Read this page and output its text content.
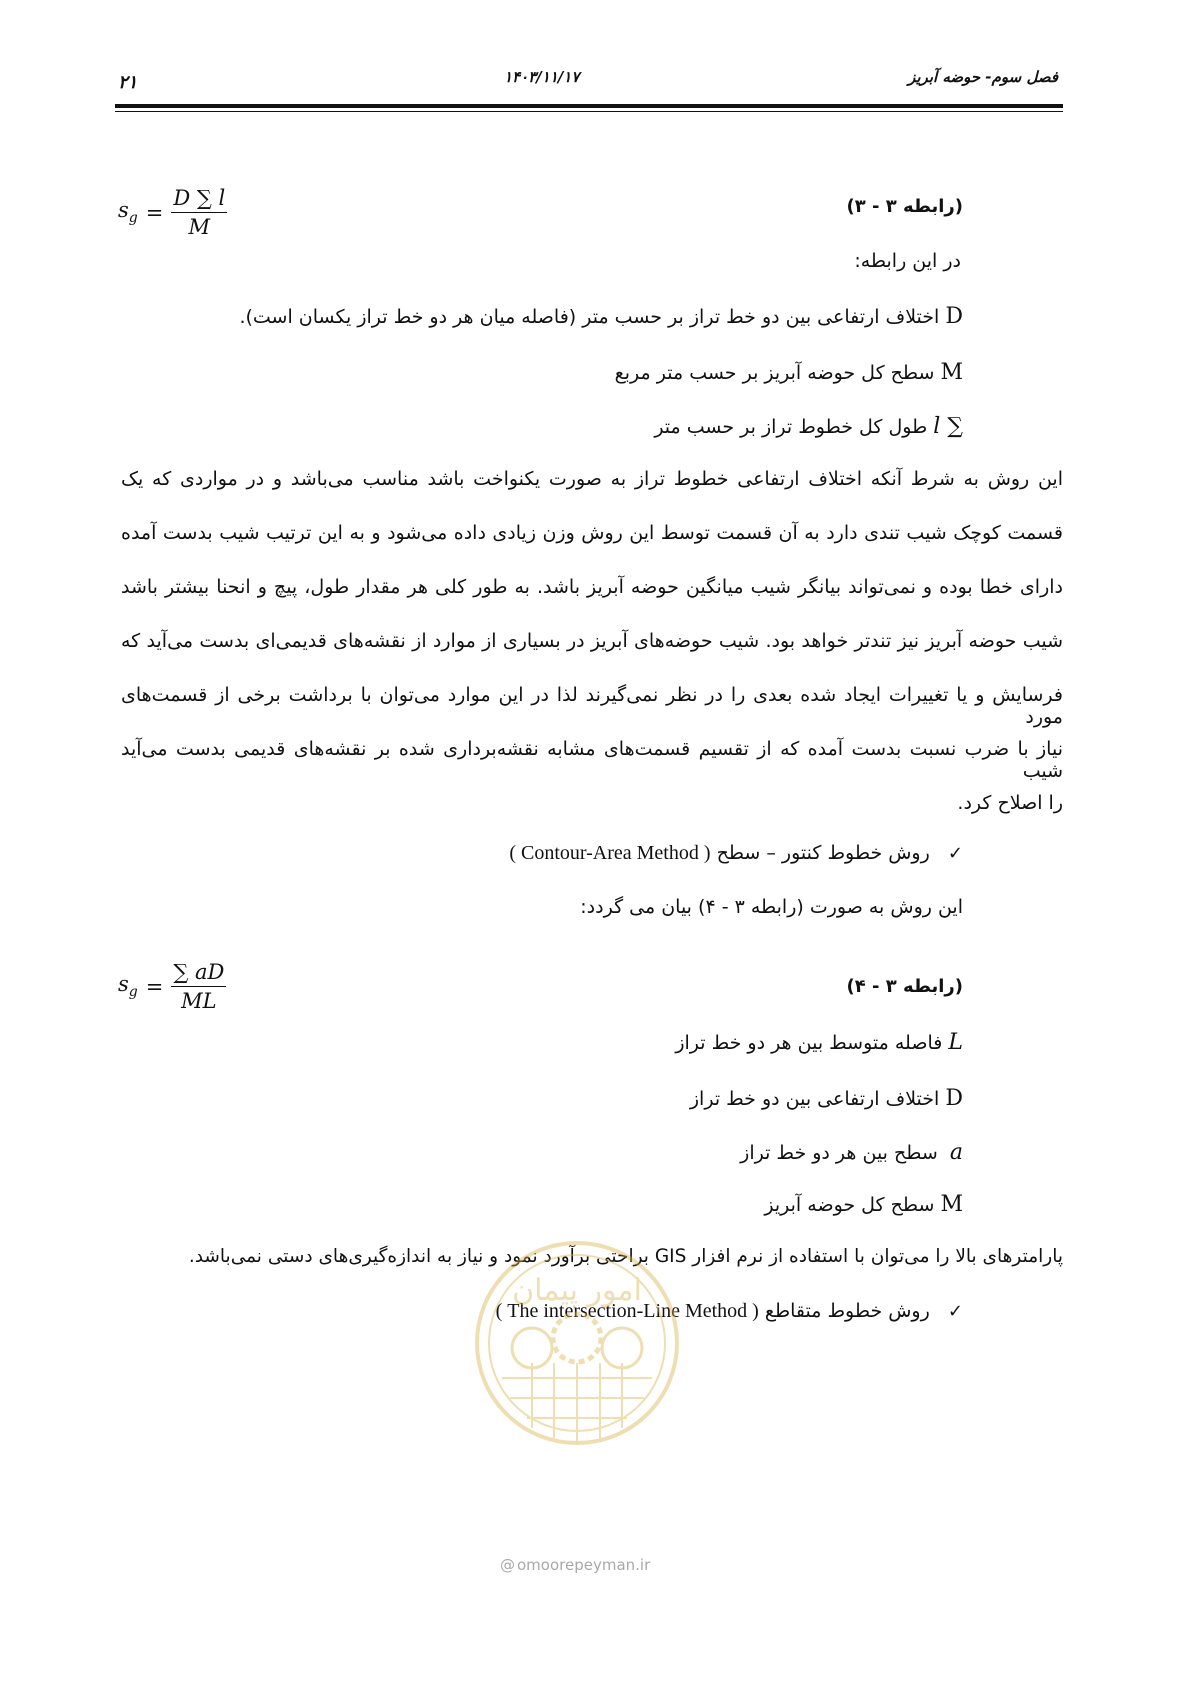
۲۱	۱۴۰۳/۱۱/۱۷	فصل سوم- حوضه آبریز
$s_g = \frac{D \sum l}{M}$	(رابطه ۳ - ۳)
در این رابطه:
D اختلاف ارتفاعی بین دو خط تراز بر حسب متر (فاصله میان هر دو خط تراز یکسان است).
M سطح کل حوضه آبریز بر حسب متر مربع
∑ l طول کل خطوط تراز بر حسب متر
این روش به شرط آنکه اختلاف ارتفاعی خطوط تراز به صورت یکنواخت باشد مناسب می‌باشد و در مواردی که یک
قسمت کوچک شیب تندی دارد به آن قسمت توسط این روش وزن زیادی داده می‌شود و به این ترتیب شیب بدست آمده
دارای خطا بوده و نمی‌تواند بیانگر شیب میانگین حوضه آبریز باشد. به طور کلی هر مقدار طول، پیچ و انحنا بیشتر باشد
شیب حوضه آبریز نیز تندتر خواهد بود. شیب حوضه‌های آبریز در بسیاری از موارد از نقشه‌های قدیمی‌ای بدست می‌آید که
فرسایش و یا تغییرات ایجاد شده بعدی را در نظر نمی‌گیرند لذا در این موارد می‌توان با برداشت برخی از قسمت‌های مورد
نیاز با ضرب نسبت بدست آمده که از تقسیم قسمت‌های مشابه نقشه‌برداری شده بر نقشه‌های قدیمی بدست می‌آید شیب
را اصلاح کرد.
✓   روش خطوط کنتور – سطح ( Contour-Area Method )
این روش به صورت (رابطه ۳ - ۴) بیان می گردد:
$s_g = \frac{\sum aD}{ML}$	(رابطه ۳ - ۴)
L فاصله متوسط بین هر دو خط تراز
D اختلاف ارتفاعی بین دو خط تراز
a  سطح بین هر دو خط تراز
M سطح کل حوضه آبریز
پارامترهای بالا را می‌توان با استفاده از نرم افزار GIS براحتی برآورد نمود و نیاز به اندازه‌گیری‌های دستی نمی‌باشد.
✓   روش خطوط متقاطع ( The intersection-Line Method )
امور پیمان
@ omoorepeyman.ir
